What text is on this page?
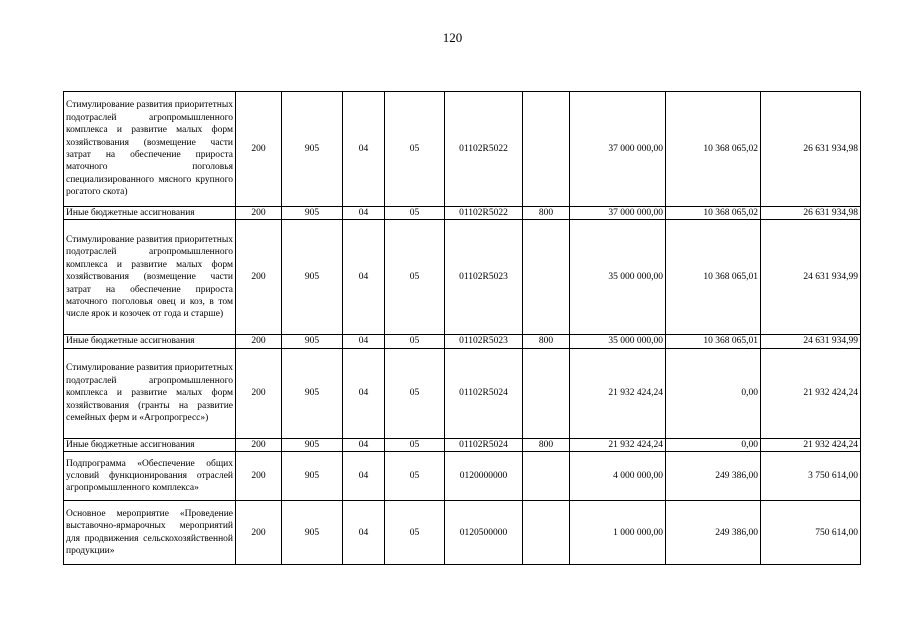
120
Стимулирование развития приоритетных подотраслей агропромышленного комплекса и развитие малых форм хозяйствования (возмещение части затрат на обеспечение прироста маточного поголовья специализированного мясного крупного рогатого скота)	200	905	04	05	01102R5022		37 000 000,00	10 368 065,02	26 631 934,98
Иные бюджетные ассигнования	200	905	04	05	01102R5022	800	37 000 000,00	10 368 065,02	26 631 934,98
Стимулирование развития приоритетных подотраслей агропромышленного комплекса и развитие малых форм хозяйствования (возмещение части затрат на обеспечение прироста маточного поголовья овец и коз, в том числе ярок и козочек от года и старше)	200	905	04	05	01102R5023		35 000 000,00	10 368 065,01	24 631 934,99
Иные бюджетные ассигнования	200	905	04	05	01102R5023	800	35 000 000,00	10 368 065,01	24 631 934,99
Стимулирование развития приоритетных подотраслей агропромышленного комплекса и развитие малых форм хозяйствования (гранты на развитие семейных ферм и «Агропрогресс»)	200	905	04	05	01102R5024		21 932 424,24	0,00	21 932 424,24
Иные бюджетные ассигнования	200	905	04	05	01102R5024	800	21 932 424,24	0,00	21 932 424,24
Подпрограмма «Обеспечение общих условий функционирования отраслей агропромышленного комплекса»	200	905	04	05	0120000000		4 000 000,00	249 386,00	3 750 614,00
Основное мероприятие «Проведение выставочно-ярмарочных мероприятий для продвижения сельскохозяйственной продукции»	200	905	04	05	0120500000		1 000 000,00	249 386,00	750 614,00
